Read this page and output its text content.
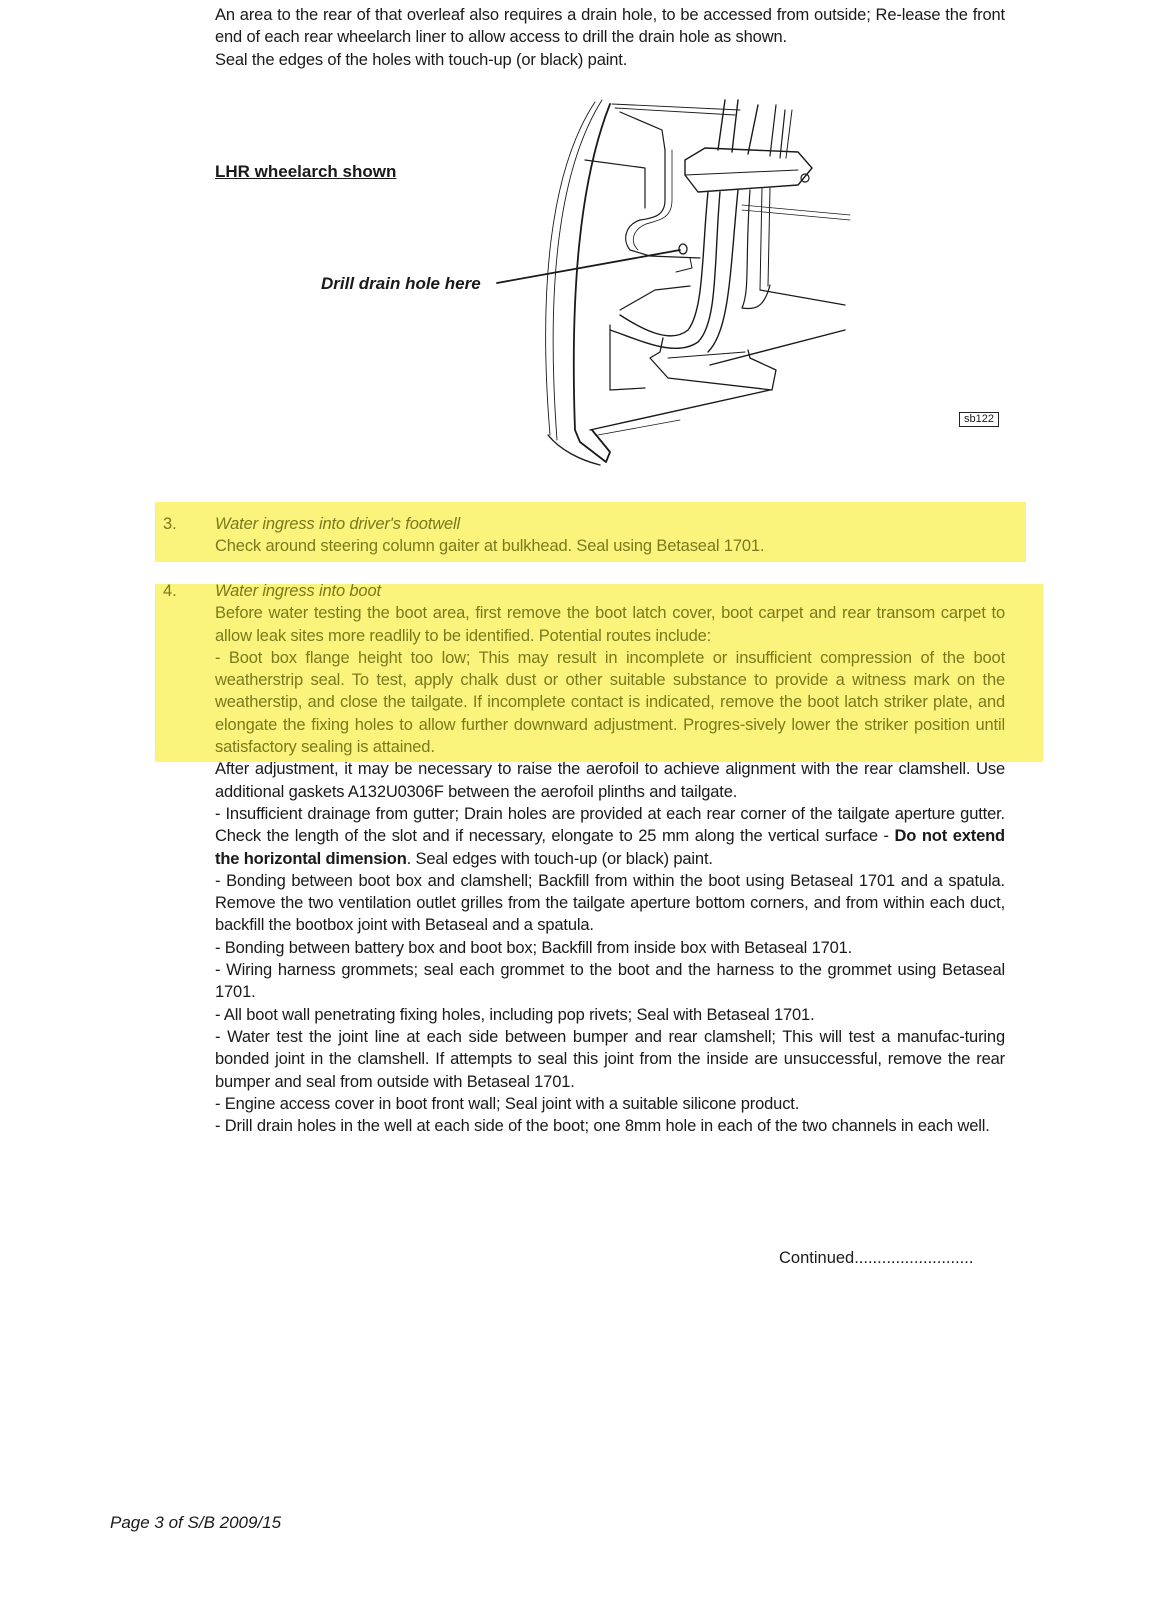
An area to the rear of that overleaf also requires a drain hole, to be accessed from outside; Re-lease the front end of each rear wheelarch liner to allow access to drill the drain hole as shown.

Seal the edges of the holes with touch-up (or black) paint.

LHR wheelarch shown
Drill drain hole here
sb122
3. Water ingress into driver's footwell

Check around steering column gaiter at bulkhead. Seal using Betaseal 1701.

4. Water ingress into boot

Before water testing the boot area, first remove the boot latch cover, boot carpet and rear transom carpet to allow leak sites more readlily to be identified. Potential routes include:

- Boot box flange height too low; This may result in incomplete or insufficient compression of the boot weatherstrip seal. To test, apply chalk dust or other suitable substance to provide a witness mark on the weatherstip, and close the tailgate. If incomplete contact is indicated, remove the boot latch striker plate, and elongate the fixing holes to allow further downward adjustment. Progres-sively lower the striker position until satisfactory sealing is attained.

After adjustment, it may be necessary to raise the aerofoil to achieve alignment with the rear clamshell. Use additional gaskets A132U0306F between the aerofoil plinths and tailgate.

- Insufficient drainage from gutter; Drain holes are provided at each rear corner of the tailgate aperture gutter. Check the length of the slot and if necessary, elongate to 25 mm along the vertical surface - Do not extend the horizontal dimension. Seal edges with touch-up (or black) paint.

- Bonding between boot box and clamshell; Backfill from within the boot using Betaseal 1701 and a spatula. Remove the two ventilation outlet grilles from the tailgate aperture bottom corners, and from within each duct, backfill the bootbox joint with Betaseal and a spatula.

- Bonding between battery box and boot box; Backfill from inside box with Betaseal 1701.

- Wiring harness grommets; seal each grommet to the boot and the harness to the grommet using Betaseal 1701.

- All boot wall penetrating fixing holes, including pop rivets; Seal with Betaseal 1701.

- Water test the joint line at each side between bumper and rear clamshell; This will test a manufac-turing bonded joint in the clamshell. If attempts to seal this joint from the inside are unsuccessful, remove the rear bumper and seal from outside with Betaseal 1701.

- Engine access cover in boot front wall; Seal joint with a suitable silicone product.

- Drill drain holes in the well at each side of the boot; one 8mm hole in each of the two channels in each well.

Continued..........................
Page 3 of S/B 2009/15
